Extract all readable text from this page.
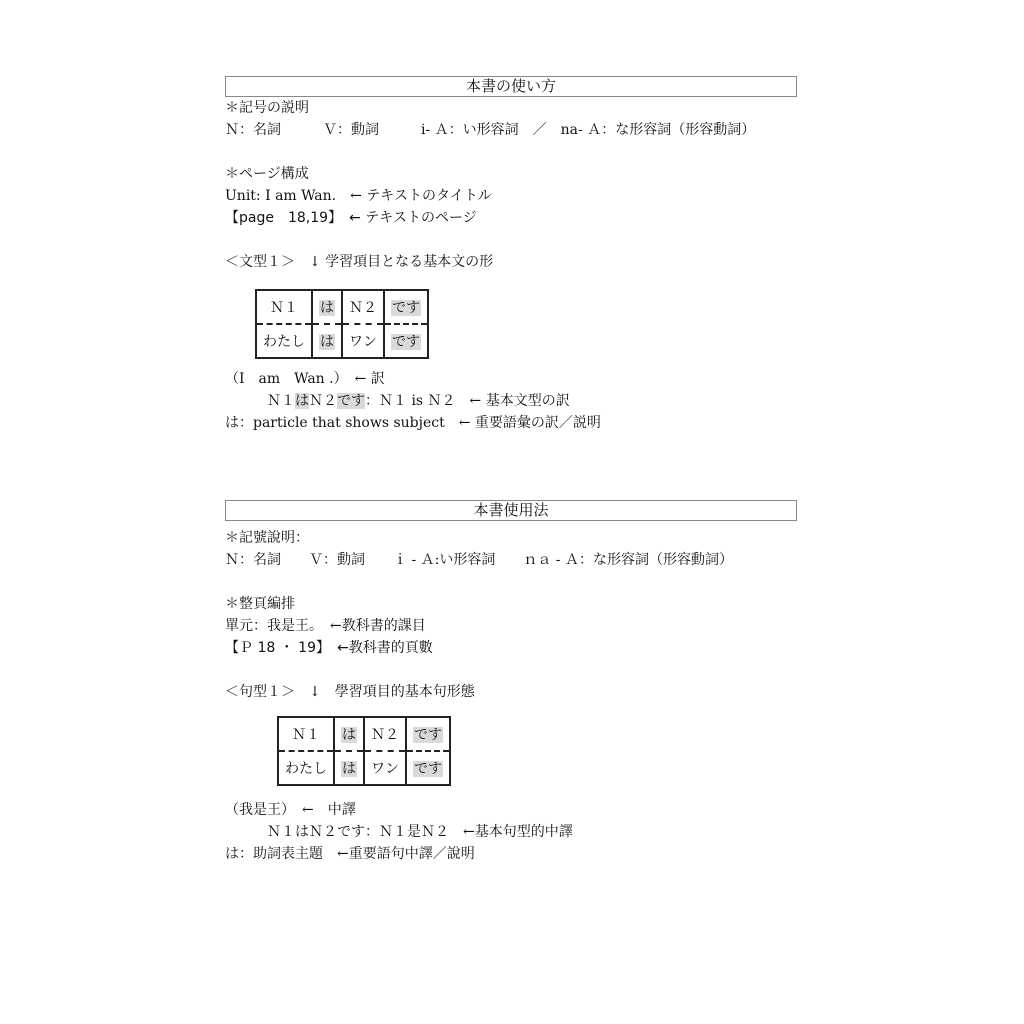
本書の使い方
＊記号の説明
Ｎ：名詞　　　Ｖ：動詞　　　i- Ａ：い形容詞　／　na- Ａ：な形容詞（形容動詞）
＊ページ構成
Unit: I am Wan.　← テキストのタイトル
【page　18,19】　← テキストのページ
＜文型１＞　↓ 学習項目となる基本文の形
Ｎ１	は	Ｎ２	です
わたし	は	ワン	です
（I　am　Wan .）　← 訳
Ｎ１はＮ２です：Ｎ１ is Ｎ２　← 基本文型の訳
は：particle that shows subject　← 重要語彙の訳／説明
本書使用法
＊記號說明：
Ｎ：名詞　　Ｖ：動詞　　ｉ - Ａ:い形容詞　　ｎａ - Ａ：な形容詞（形容動詞）
＊整頁編排
單元：我是王。　←教科書的課目
【Ｐ 18 ・ 19】　←教科書的頁數
＜句型１＞　↓　學習項目的基本句形態
Ｎ１	は	Ｎ２	です
わたし	は	ワン	です
（我是王）　←　中譯
Ｎ１はＮ２です：Ｎ１是Ｎ２　←基本句型的中譯
は：助詞表主題　←重要語句中譯／說明
